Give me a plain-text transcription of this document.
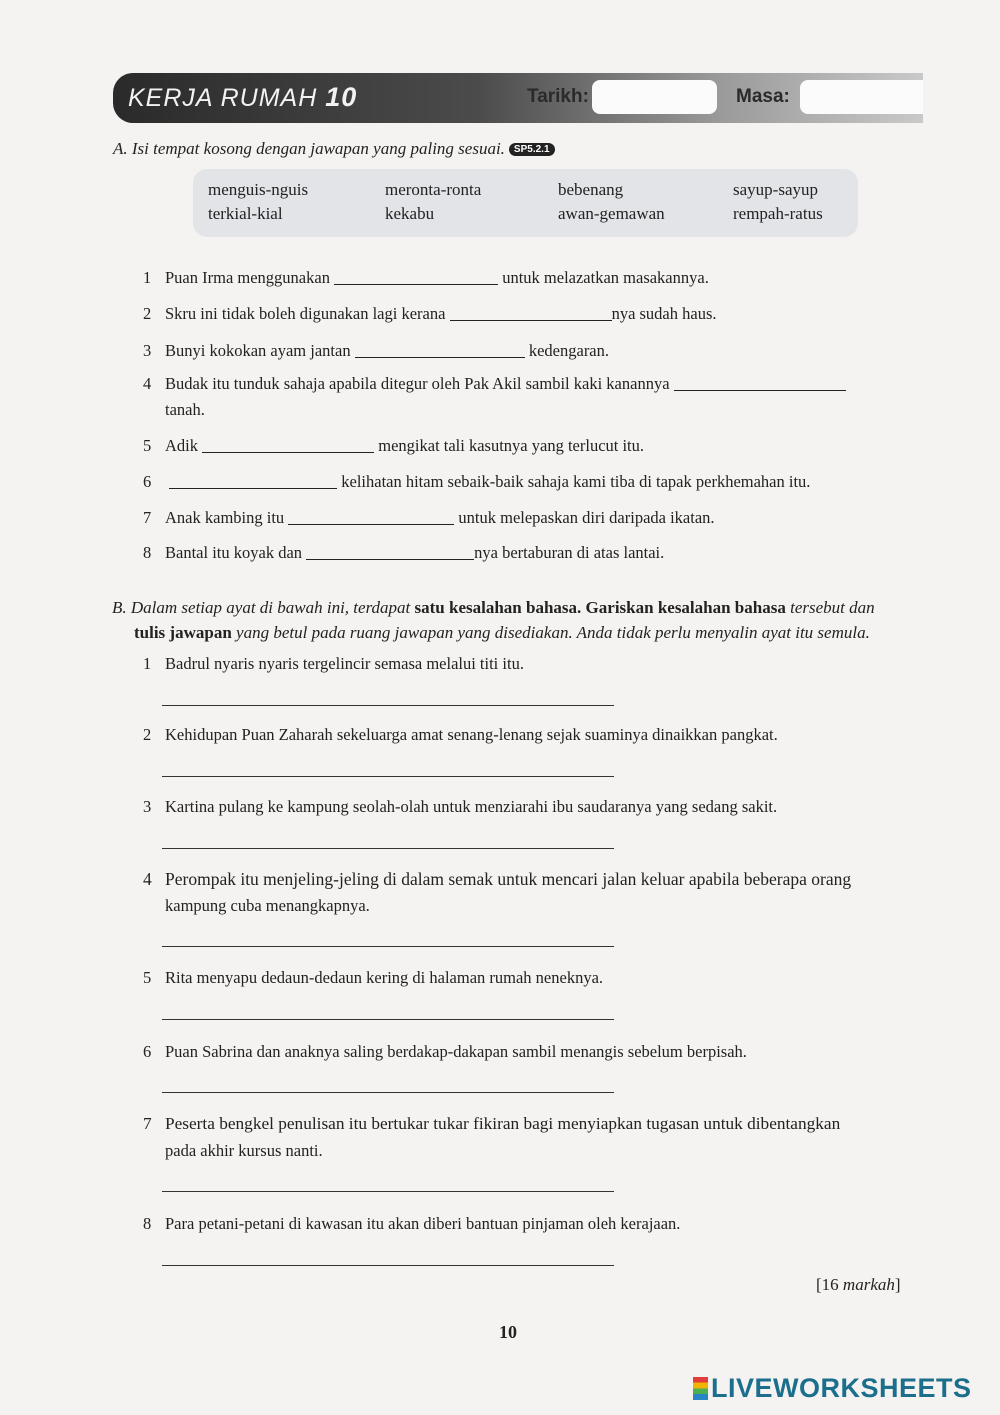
KERJA RUMAH 10	Tarikh:	Masa:
A. Isi tempat kosong dengan jawapan yang paling sesuai. SP5.2.1
menguis-nguis	meronta-ronta	bebenang	sayup-sayup
terkial-kial	kekabu	awan-gemawan	rempah-ratus
1 Puan Irma menggunakan	untuk melazatkan masakannya.
2 Skru ini tidak boleh digunakan lagi kerana	nya sudah haus.
3 Bunyi kokokan ayam jantan	kedengaran.
4 Budak itu tunduk sahaja apabila ditegur oleh Pak Akil sambil kaki kanannya
tanah.
5 Adik	mengikat tali kasutnya yang terlucut itu.
6	kelihatan hitam sebaik-baik sahaja kami tiba di tapak perkhemahan itu.
7 Anak kambing itu	untuk melepaskan diri daripada ikatan.
8 Bantal itu koyak dan	nya bertaburan di atas lantai.
B. Dalam setiap ayat di bawah ini, terdapat satu kesalahan bahasa. Gariskan kesalahan bahasa tersebut dan
tulis jawapan yang betul pada ruang jawapan yang disediakan. Anda tidak perlu menyalin ayat itu semula.
1 Badrul nyaris nyaris tergelincir semasa melalui titi itu.
2 Kehidupan Puan Zaharah sekeluarga amat senang-lenang sejak suaminya dinaikkan pangkat.
3 Kartina pulang ke kampung seolah-olah untuk menziarahi ibu saudaranya yang sedang sakit.
4 Perompak itu menjeling-jeling di dalam semak untuk mencari jalan keluar apabila beberapa orang
kampung cuba menangkapnya.
5 Rita menyapu dedaun-dedaun kering di halaman rumah neneknya.
6 Puan Sabrina dan anaknya saling berdakap-dakapan sambil menangis sebelum berpisah.
7 Peserta bengkel penulisan itu bertukar tukar fikiran bagi menyiapkan tugasan untuk dibentangkan
pada akhir kursus nanti.
8 Para petani-petani di kawasan itu akan diberi bantuan pinjaman oleh kerajaan.
[16 markah]
10
LIVEWORKSHEETS
